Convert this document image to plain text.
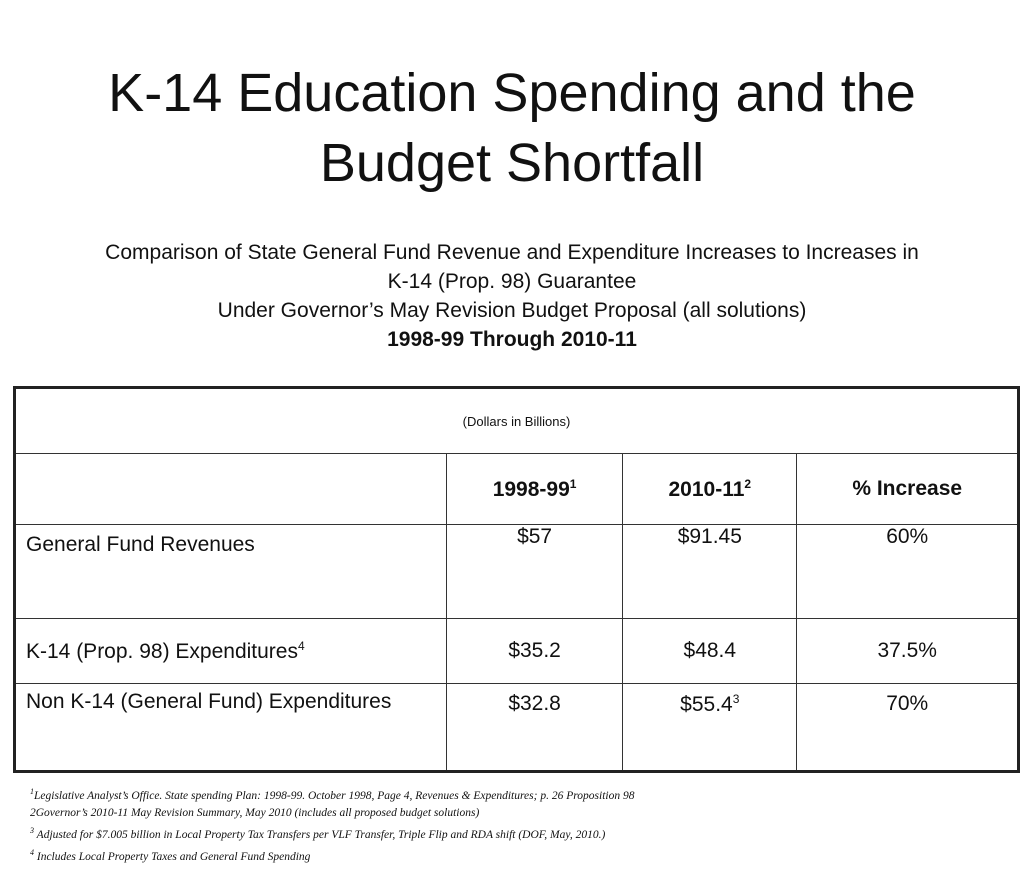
K-14 Education Spending and the
Budget Shortfall
Comparison of State General Fund Revenue and Expenditure Increases to Increases in
K-14 (Prop. 98) Guarantee
Under Governor’s May Revision Budget Proposal (all solutions)
1998-99 Through 2010-11
(Dollars in Billions)			
	$1998-99^1$	$2010-11^2$	% Increase
General Fund Revenues	$57	$91.45	60%
K-14 (Prop. 98) Expenditures$^4$	$35.2	$48.4	37.5%
Non K-14 (General Fund) Expenditures	$32.8	$55.4$^3$	70%
$^1$Legislative Analyst’s Office. State spending Plan: 1998-99. October 1998, Page 4, Revenues & Expenditures; p. 26 Proposition 98
2Governor’s 2010-11 May Revision Summary, May 2010 (includes all proposed budget solutions)
$^3$ Adjusted for $7.005 billion in Local Property Tax Transfers per VLF Transfer, Triple Flip and RDA shift (DOF, May, 2010.)
$^4$ Includes Local Property Taxes and General Fund Spending
